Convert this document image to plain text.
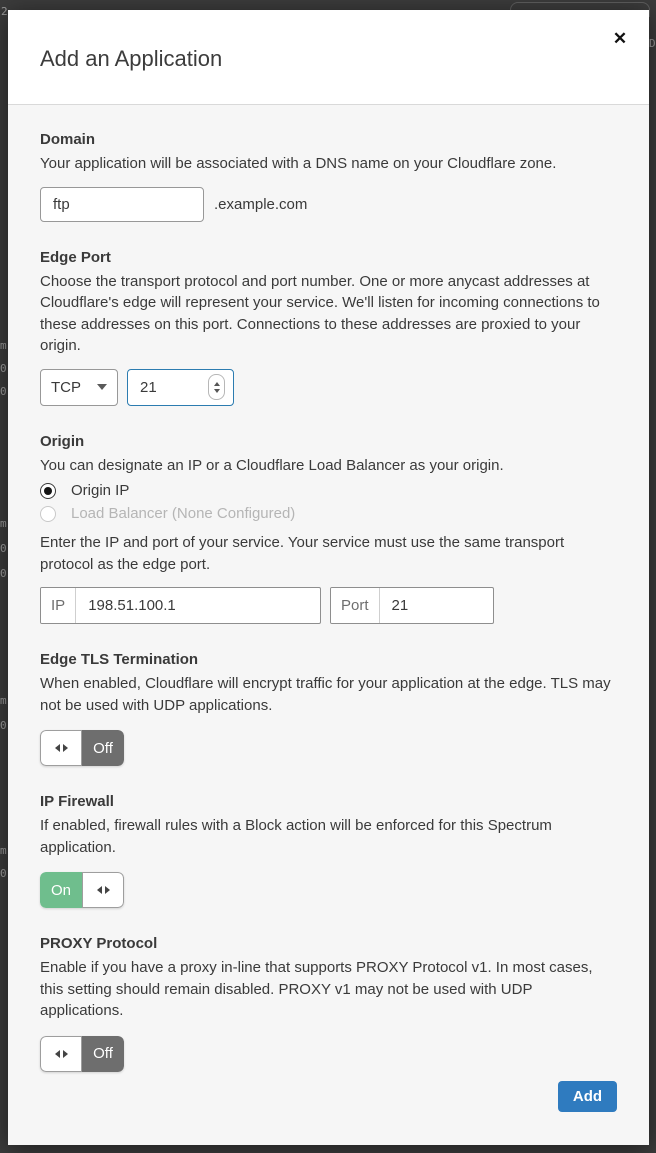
2
D
m
0
0
m
0
0
m
0
m
0
Add an Application
✕
Domain

Your application will be associated with a DNS name on your Cloudflare zone.

ftp
.example.com
Edge Port

Choose the transport protocol and port number. One or more anycast addresses at Cloudflare's edge will represent your service. We'll listen for incoming connections to these addresses on this port. Connections to these addresses are proxied to your origin.

TCP
21
Origin

You can designate an IP or a Cloudflare Load Balancer as your origin.

Origin IP
Load Balancer (None Configured)

Enter the IP and port of your service. Your service must use the same transport protocol as the edge port.

IP
198.51.100.1	Port
21
Edge TLS Termination

When enabled, Cloudflare will encrypt traffic for your application at the edge. TLS may not be used with UDP applications.

Off
IP Firewall

If enabled, firewall rules with a Block action will be enforced for this Spectrum application.

On
PROXY Protocol

Enable if you have a proxy in-line that supports PROXY Protocol v1. In most cases, this setting should remain disabled. PROXY v1 may not be used with UDP applications.

Off
Add
